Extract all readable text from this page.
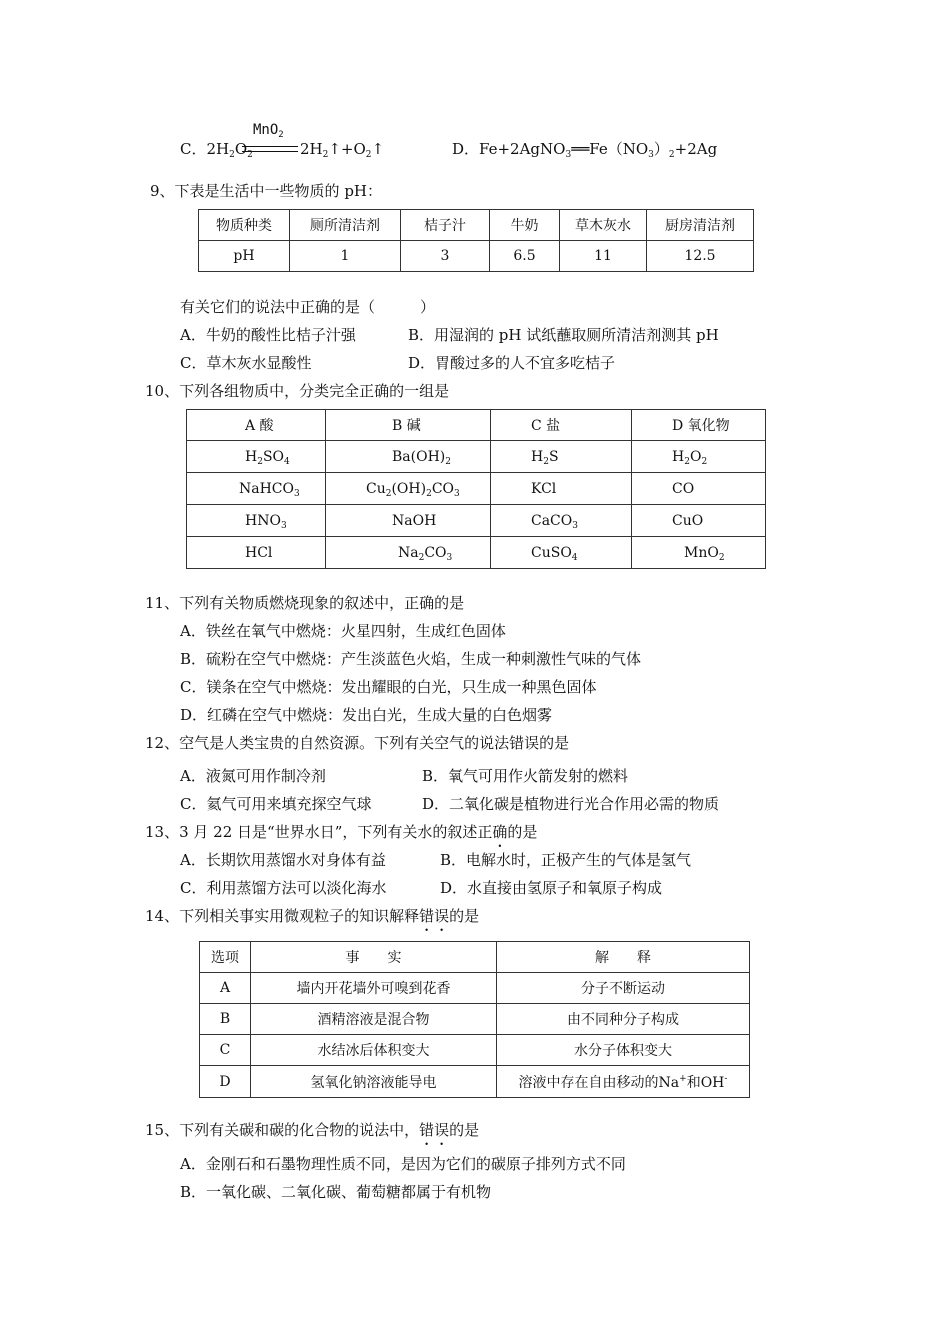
C．$2H_2O_2$
MnO$_2$
$2H_2↑+O_2↑$	D．$Fe+2AgNO_3══Fe(NO_3)_2+2Ag$
9、下表是生活中一些物质的 pH：
物质种类	厕所清洁剂	桔子汁	牛奶	草木灰水	厨房清洁剂
pH	1	3	6.5	11	12.5
有关它们的说法中正确的是（　　　）
A．牛奶的酸性比桔子汁强	B．用湿润的 pH 试纸蘸取厕所清洁剂测其 pH
C．草木灰水显酸性	D．胃酸过多的人不宜多吃桔子
10、下列各组物质中，分类完全正确的一组是
A 酸	B 碱	C 盐	D 氧化物
$H_2SO_4$	$Ba(OH)_2$	$H_2S$	$H_2O_2$
NaHCO$_3$	$Cu_2(OH)_2CO_3$	KCl	CO
$HNO_3$	NaOH	CaCO$_3$	CuO
HCl	$Na_2CO_3$	CuSO$_4$	MnO$_2$
11、下列有关物质燃烧现象的叙述中，正确的是
A．铁丝在氧气中燃烧：火星四射，生成红色固体
B．硫粉在空气中燃烧：产生淡蓝色火焰，生成一种刺激性气味的气体
C．镁条在空气中燃烧：发出耀眼的白光，只生成一种黑色固体
D．红磷在空气中燃烧：发出白光，生成大量的白色烟雾
12、空气是人类宝贵的自然资源。下列有关空气的说法错误的是
A．液氮可用作制冷剂	B．氧气可用作火箭发射的燃料
C．氦气可用来填充探空气球	D．二氧化碳是植物进行光合作用必需的物质
13、3 月 22 日是“世界水日”，下列有关水的叙述正确的是
A．长期饮用蒸馏水对身体有益	B．电解水时，正极产生的气体是氢气
C．利用蒸馏方法可以淡化海水	D．水直接由氢原子和氧原子构成
14、下列相关事实用微观粒子的知识解释错误的是
选项	事　　实	解　　释
A	墙内开花墙外可嗅到花香	分子不断运动
B	酒精溶液是混合物	由不同种分子构成
C	水结冰后体积变大	水分子体积变大
D	氢氧化钠溶液能导电	溶液中存在自由移动的Na+和OH-
15、下列有关碳和碳的化合物的说法中，错误的是
A．金刚石和石墨物理性质不同，是因为它们的碳原子排列方式不同
B．一氧化碳、二氧化碳、葡萄糖都属于有机物
